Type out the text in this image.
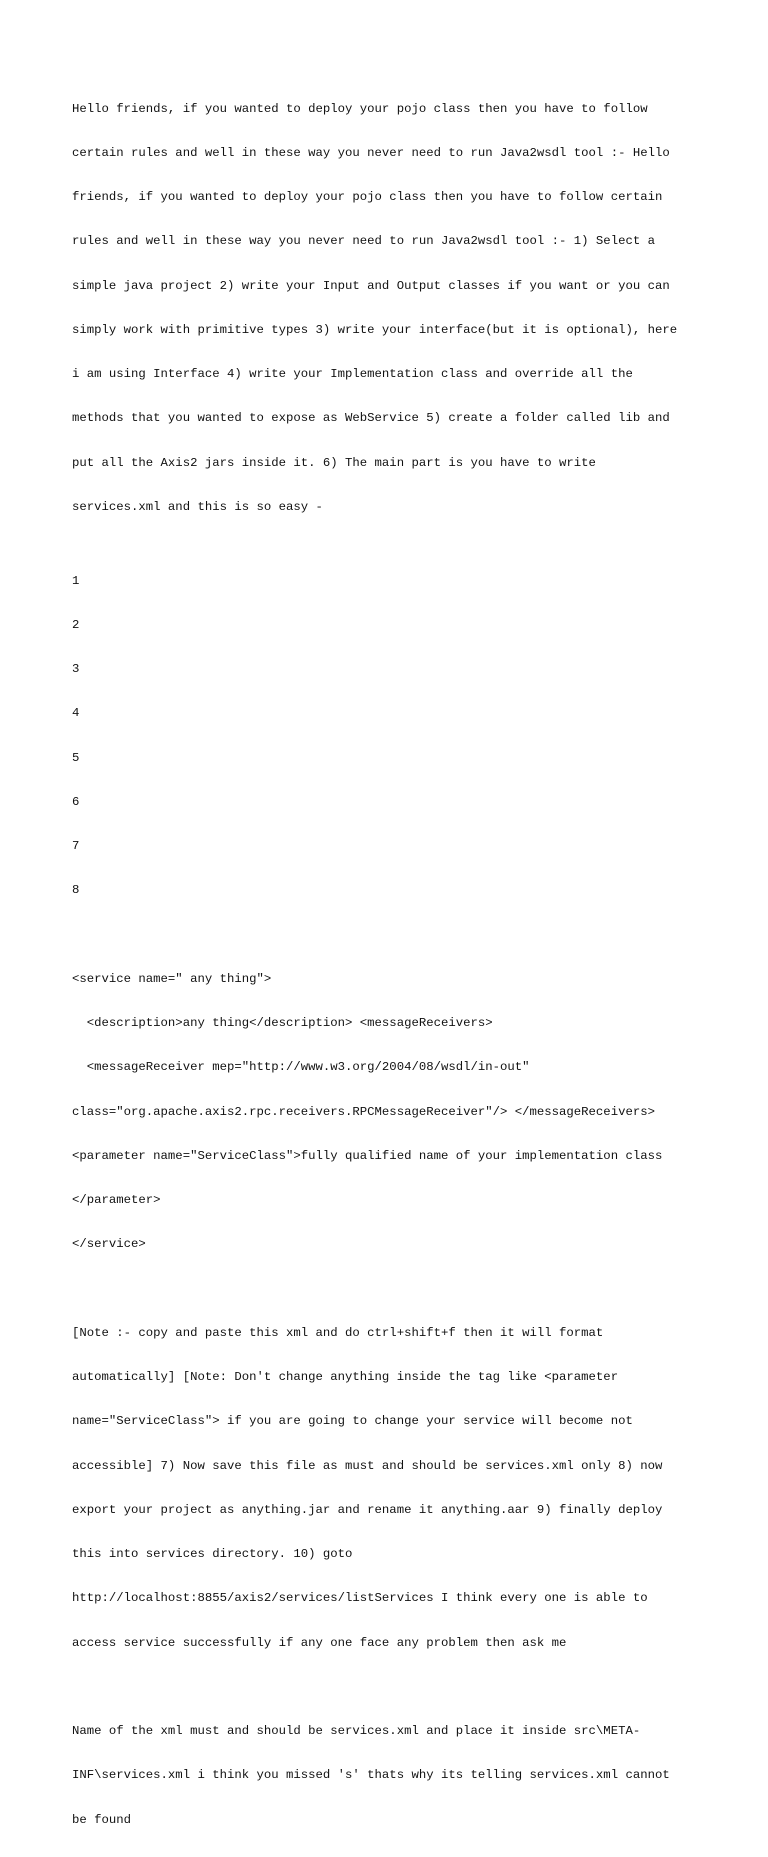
Hello friends, if you wanted to deploy your pojo class then you have to follow

certain rules and well in these way you never need to run Java2wsdl tool :- Hello

friends, if you wanted to deploy your pojo class then you have to follow certain

rules and well in these way you never need to run Java2wsdl tool :- 1) Select a

simple java project 2) write your Input and Output classes if you want or you can

simply work with primitive types 3) write your interface(but it is optional), here

i am using Interface 4) write your Implementation class and override all the

methods that you wanted to expose as WebService 5) create a folder called lib and

put all the Axis2 jars inside it. 6) The main part is you have to write

services.xml and this is so easy -

1

2

3

4

5

6

7

8

<service name=" any thing">

<description>any thing</description> <messageReceivers>

<messageReceiver mep="http://www.w3.org/2004/08/wsdl/in-out"

class="org.apache.axis2.rpc.receivers.RPCMessageReceiver"/> </messageReceivers>

<parameter name="ServiceClass">fully qualified name of your implementation class

</parameter>

</service>

[Note :- copy and paste this xml and do ctrl+shift+f then it will format

automatically] [Note: Don't change anything inside the tag like <parameter

name="ServiceClass"> if you are going to change your service will become not

accessible] 7) Now save this file as must and should be services.xml only 8) now

export your project as anything.jar and rename it anything.aar 9) finally deploy

this into services directory. 10) goto

http://localhost:8855/axis2/services/listServices I think every one is able to

access service successfully if any one face any problem then ask me

Name of the xml must and should be services.xml and place it inside src\META-

INF\services.xml i think you missed 's' thats why its telling services.xml cannot

be found
